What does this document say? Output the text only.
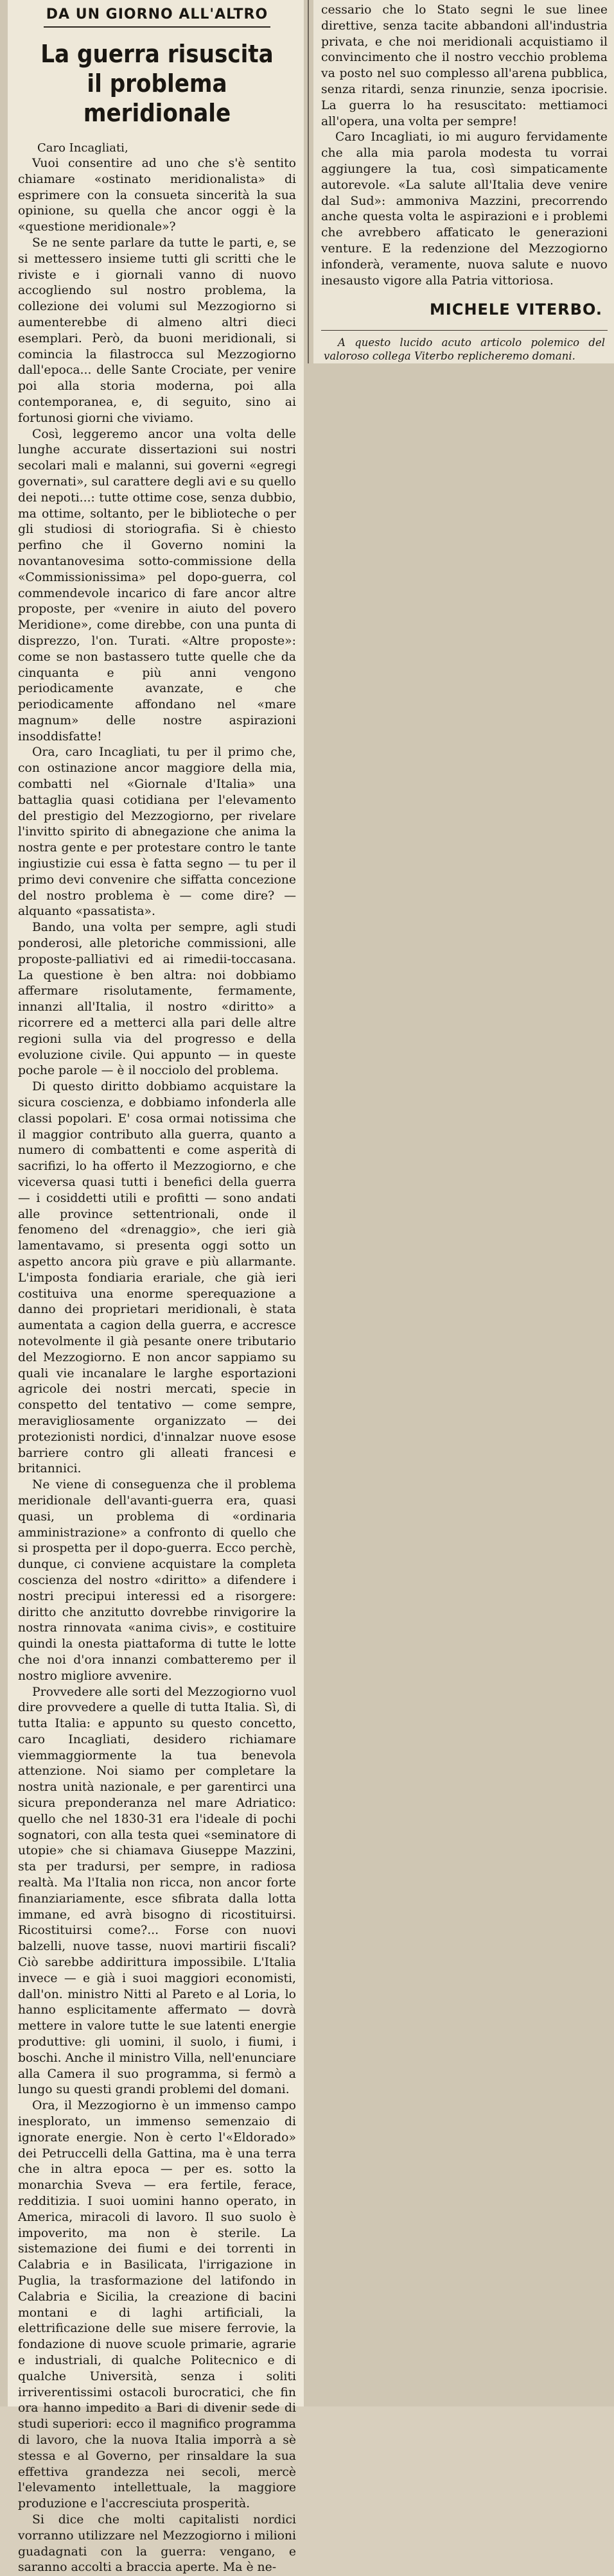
DA UN GIORNO ALL'ALTRO
La guerra risuscita
il problema meridionale

Caro Incagliati,

Vuoi consentire ad uno che s'è sentito chiamare «ostinato meridionalista» di esprimere con la consueta sincerità la sua opinione, su quella che ancor oggi è la «questione meridionale»?

Se ne sente parlare da tutte le parti, e, se si mettessero insieme tutti gli scritti che le riviste e i giornali vanno di nuovo accogliendo sul nostro problema, la collezione dei volumi sul Mezzogiorno si aumenterebbe di almeno altri dieci esemplari. Però, da buoni meridionali, si comincia la filastrocca sul Mezzogiorno dall'epoca... delle Sante Crociate, per venire poi alla storia moderna, poi alla contemporanea, e, di seguito, sino ai fortunosi giorni che viviamo.

Così, leggeremo ancor una volta delle lunghe accurate dissertazioni sui nostri secolari mali e malanni, sui governi «egregi governati», sul carattere degli avi e su quello dei nepoti...: tutte ottime cose, senza dubbio, ma ottime, soltanto, per le biblioteche o per gli studiosi di storiografia. Si è chiesto perfino che il Governo nomini la novantanovesima sotto-commissione della «Commissionissima» pel dopo-guerra, col commendevole incarico di fare ancor altre proposte, per «venire in aiuto del povero Meridione», come direbbe, con una punta di disprezzo, l'on. Turati. «Altre proposte»: come se non bastassero tutte quelle che da cinquanta e più anni vengono periodicamente avanzate, e che periodicamente affondano nel «mare magnum» delle nostre aspirazioni insoddisfatte!

Ora, caro Incagliati, tu per il primo che, con ostinazione ancor maggiore della mia, combatti nel «Giornale d'Italia» una battaglia quasi cotidiana per l'elevamento del prestigio del Mezzogiorno, per rivelare l'invitto spirito di abnegazione che anima la nostra gente e per protestare contro le tante ingiustizie cui essa è fatta segno — tu per il primo devi convenire che siffatta concezione del nostro problema è — come dire? — alquanto «passatista».

Bando, una volta per sempre, agli studi ponderosi, alle pletoriche commissioni, alle proposte-palliativi ed ai rimedii-toccasana. La questione è ben altra: noi dobbiamo affermare risolutamente, fermamente, innanzi all'Italia, il nostro «diritto» a ricorrere ed a metterci alla pari delle altre regioni sulla via del progresso e della evoluzione civile. Qui appunto — in queste poche parole — è il nocciolo del problema.

Di questo diritto dobbiamo acquistare la sicura coscienza, e dobbiamo infonderla alle classi popolari. E' cosa ormai notissima che il maggior contributo alla guerra, quanto a numero di combattenti e come asperità di sacrifizi, lo ha offerto il Mezzogiorno, e che viceversa quasi tutti i benefici della guerra — i cosiddetti utili e profitti — sono andati alle province settentrionali, onde il fenomeno del «drenaggio», che ieri già lamentavamo, si presenta oggi sotto un aspetto ancora più grave e più allarmante. L'imposta fondiaria erariale, che già ieri costituiva una enorme sperequazione a danno dei proprietari meridionali, è stata aumentata a cagion della guerra, e accresce notevolmente il già pesante onere tributario del Mezzogiorno. E non ancor sappiamo su quali vie incanalare le larghe esportazioni agricole dei nostri mercati, specie in conspetto del tentativo — come sempre, meravigliosamente organizzato — dei protezionisti nordici, d'innalzar nuove esose barriere contro gli alleati francesi e britannici.

Ne viene di conseguenza che il problema meridionale dell'avanti-guerra era, quasi quasi, un problema di «ordinaria amministrazione» a confronto di quello che si prospetta per il dopo-guerra. Ecco perchè, dunque, ci conviene acquistare la completa coscienza del nostro «diritto» a difendere i nostri precipui interessi ed a risorgere: diritto che anzitutto dovrebbe rinvigorire la nostra rinnovata «anima civis», e costituire quindi la onesta piattaforma di tutte le lotte che noi d'ora innanzi combatteremo per il nostro migliore avvenire.

Provvedere alle sorti del Mezzogiorno vuol dire provvedere a quelle di tutta Italia. Sì, di tutta Italia: e appunto su questo concetto, caro Incagliati, desidero richiamare viemmaggiormente la tua benevola attenzione. Noi siamo per completare la nostra unità nazionale, e per garentirci una sicura preponderanza nel mare Adriatico: quello che nel 1830-31 era l'ideale di pochi sognatori, con alla testa quei «seminatore di utopie» che si chiamava Giuseppe Mazzini, sta per tradursi, per sempre, in radiosa realtà. Ma l'Italia non ricca, non ancor forte finanziariamente, esce sfibrata dalla lotta immane, ed avrà bisogno di ricostituirsi. Ricostituirsi come?... Forse con nuovi balzelli, nuove tasse, nuovi martirii fiscali? Ciò sarebbe addirittura impossibile. L'Italia invece — e già i suoi maggiori economisti, dall'on. ministro Nitti al Pareto e al Loria, lo hanno esplicitamente affermato — dovrà mettere in valore tutte le sue latenti energie produttive: gli uomini, il suolo, i fiumi, i boschi. Anche il ministro Villa, nell'enunciare alla Camera il suo programma, si fermò a lungo su questi grandi problemi del domani.

Ora, il Mezzogiorno è un immenso campo inesplorato, un immenso semenzaio di ignorate energie. Non è certo l'«Eldorado» dei Petruccelli della Gattina, ma è una terra che in altra epoca — per es. sotto la monarchia Sveva — era fertile, ferace, redditizia. I suoi uomini hanno operato, in America, miracoli di lavoro. Il suo suolo è impoverito, ma non è sterile. La sistemazione dei fiumi e dei torrenti in Calabria e in Basilicata, l'irrigazione in Puglia, la trasformazione del latifondo in Calabria e Sicilia, la creazione di bacini montani e di laghi artificiali, la elettrificazione delle sue misere ferrovie, la fondazione di nuove scuole primarie, agrarie e industriali, di qualche Politecnico e di qualche Università, senza i soliti irriverentissimi ostacoli burocratici, che fin ora hanno impedito a Bari di divenir sede di studi superiori: ecco il magnifico programma di lavoro, che la nuova Italia imporrà a sè stessa e al Governo, per rinsaldare la sua effettiva grandezza nei secoli, mercè l'elevamento intellettuale, la maggiore produzione e l'accresciuta prosperità.

Si dice che molti capitalisti nordici vorranno utilizzare nel Mezzogiorno i milioni guadagnati con la guerra: vengano, e saranno accolti a braccia aperte. Ma è ne-

cessario che lo Stato segni le sue linee direttive, senza tacite abbandoni all'industria privata, e che noi meridionali acquistiamo il convincimento che il nostro vecchio problema va posto nel suo complesso all'arena pubblica, senza ritardi, senza rinunzie, senza ipocrisie. La guerra lo ha resuscitato: mettiamoci all'opera, una volta per sempre!

Caro Incagliati, io mi auguro fervidamente che alla mia parola modesta tu vorrai aggiungere la tua, così simpaticamente autorevole. «La salute all'Italia deve venire dal Sud»: ammoniva Mazzini, precorrendo anche questa volta le aspirazioni e i problemi che avrebbero affaticato le generazioni venture. E la redenzione del Mezzogiorno infonderà, veramente, nuova salute e nuovo inesausto vigore alla Patria vittoriosa.

MICHELE VITERBO.

A questo lucido acuto articolo polemico del valoroso collega Viterbo replicheremo domani.
